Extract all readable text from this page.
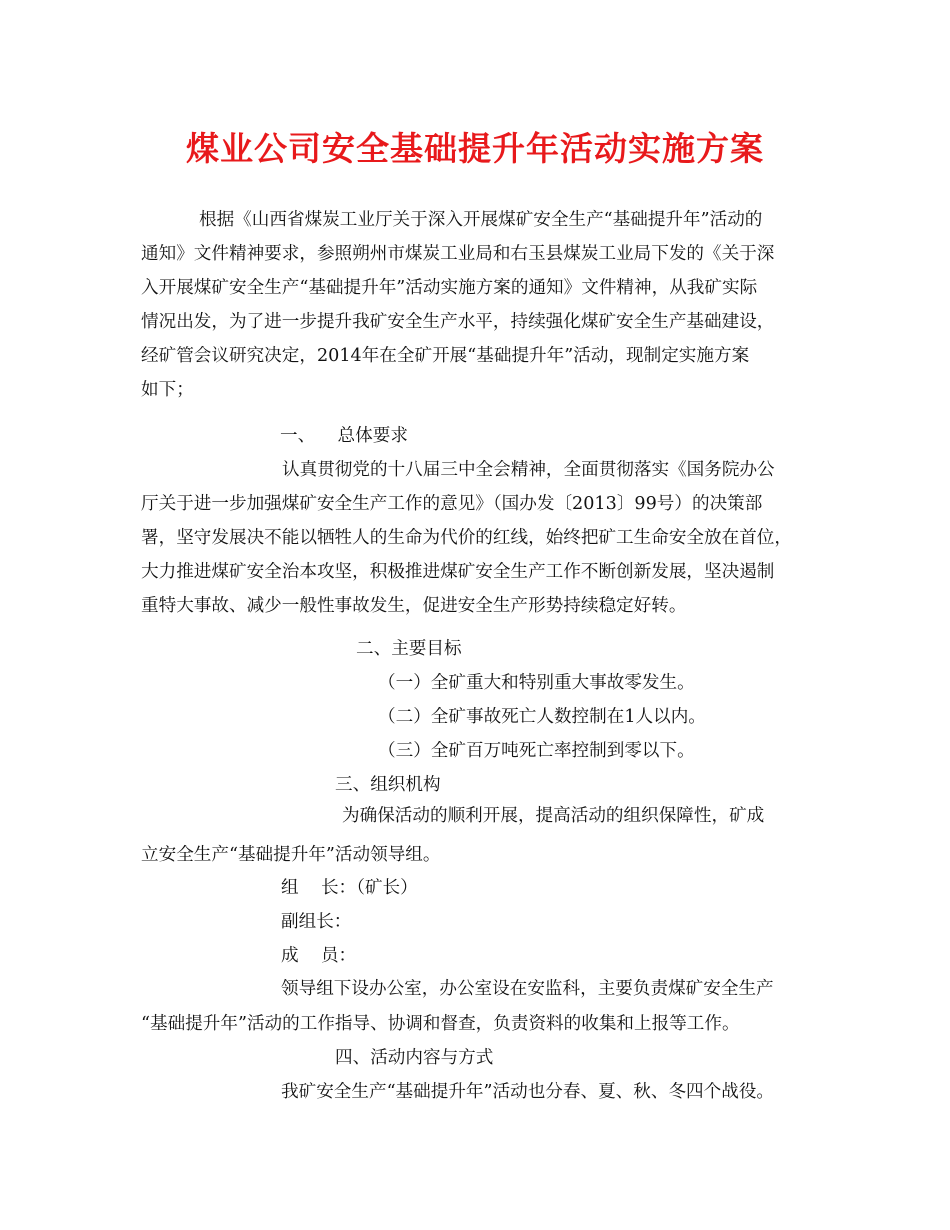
煤业公司安全基础提升年活动实施方案
根据《山西省煤炭工业厅关于深入开展煤矿安全生产“基础提升年”活动的
通知》文件精神要求，参照朔州市煤炭工业局和右玉县煤炭工业局下发的《关于深
入开展煤矿安全生产“基础提升年”活动实施方案的通知》文件精神，从我矿实际
情况出发，为了进一步提升我矿安全生产水平，持续强化煤矿安全生产基础建设，
经矿管会议研究决定，2014年在全矿开展“基础提升年”活动，现制定实施方案
如下；
一、    总体要求
认真贯彻党的十八届三中全会精神，全面贯彻落实《国务院办公
厅关于进一步加强煤矿安全生产工作的意见》（国办发〔2013〕99号）的决策部
署，坚守发展决不能以牺牲人的生命为代价的红线，始终把矿工生命安全放在首位，
大力推进煤矿安全治本攻坚，积极推进煤矿安全生产工作不断创新发展，坚决遏制
重特大事故、减少一般性事故发生，促进安全生产形势持续稳定好转。
二、主要目标
（一）全矿重大和特别重大事故零发生。
（二）全矿事故死亡人数控制在1人以内。
（三）全矿百万吨死亡率控制到零以下。
三、组织机构
为确保活动的顺利开展，提高活动的组织保障性，矿成
立安全生产“基础提升年”活动领导组。
组    长：（矿长）
副组长：
成    员：
领导组下设办公室，办公室设在安监科，主要负责煤矿安全生产
“基础提升年”活动的工作指导、协调和督查，负责资料的收集和上报等工作。
四、活动内容与方式
我矿安全生产“基础提升年”活动也分春、夏、秋、冬四个战役。
